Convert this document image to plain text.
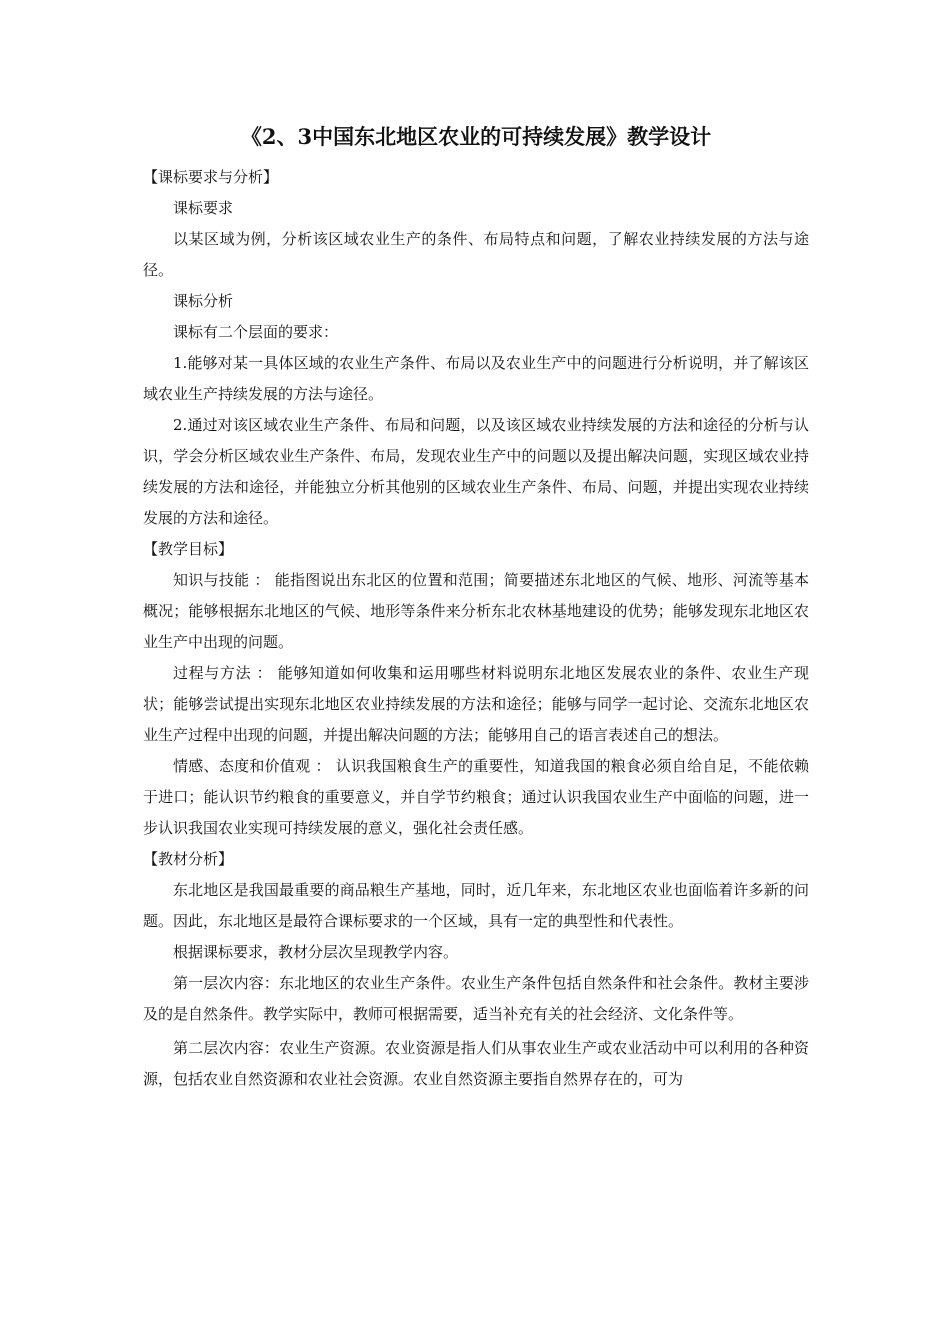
《2、3中国东北地区农业的可持续发展》教学设计
【课标要求与分析】
课标要求

以某区域为例，分析该区域农业生产的条件、布局特点和问题，了解农业持续发展的方法与途径。

课标分析
课标有二个层面的要求：

1.能够对某一具体区域的农业生产条件、布局以及农业生产中的问题进行分析说明，并了解该区域农业生产持续发展的方法与途径。

2.通过对该区域农业生产条件、布局和问题，以及该区域农业持续发展的方法和途径的分析与认识，学会分析区域农业生产条件、布局，发现农业生产中的问题以及提出解决问题，实现区域农业持续发展的方法和途径，并能独立分析其他别的区域农业生产条件、布局、问题，并提出实现农业持续发展的方法和途径。

【教学目标】

知识与技能 ： 能指图说出东北区的位置和范围；简要描述东北地区的气候、地形、河流等基本概况；能够根据东北地区的气候、地形等条件来分析东北农林基地建设的优势；能够发现东北地区农业生产中出现的问题。

过程与方法 ： 能够知道如何收集和运用哪些材料说明东北地区发展农业的条件、农业生产现状；能够尝试提出实现东北地区农业持续发展的方法和途径；能够与同学一起讨论、交流东北地区农业生产过程中出现的问题，并提出解决问题的方法；能够用自己的语言表述自己的想法。

情感、态度和价值观 ： 认识我国粮食生产的重要性，知道我国的粮食必须自给自足，不能依赖于进口；能认识节约粮食的重要意义，并自学节约粮食；通过认识我国农业生产中面临的问题，进一步认识我国农业实现可持续发展的意义，强化社会责任感。

【教材分析】

东北地区是我国最重要的商品粮生产基地，同时，近几年来，东北地区农业也面临着许多新的问题。因此，东北地区是最符合课标要求的一个区域，具有一定的典型性和代表性。

根据课标要求，教材分层次呈现教学内容。

第一层次内容：东北地区的农业生产条件。农业生产条件包括自然条件和社会条件。教材主要涉及的是自然条件。教学实际中，教师可根据需要，适当补充有关的社会经济、文化条件等。

第二层次内容：农业生产资源。农业资源是指人们从事农业生产或农业活动中可以利用的各种资源，包括农业自然资源和农业社会资源。农业自然资源主要指自然界存在的，可为
